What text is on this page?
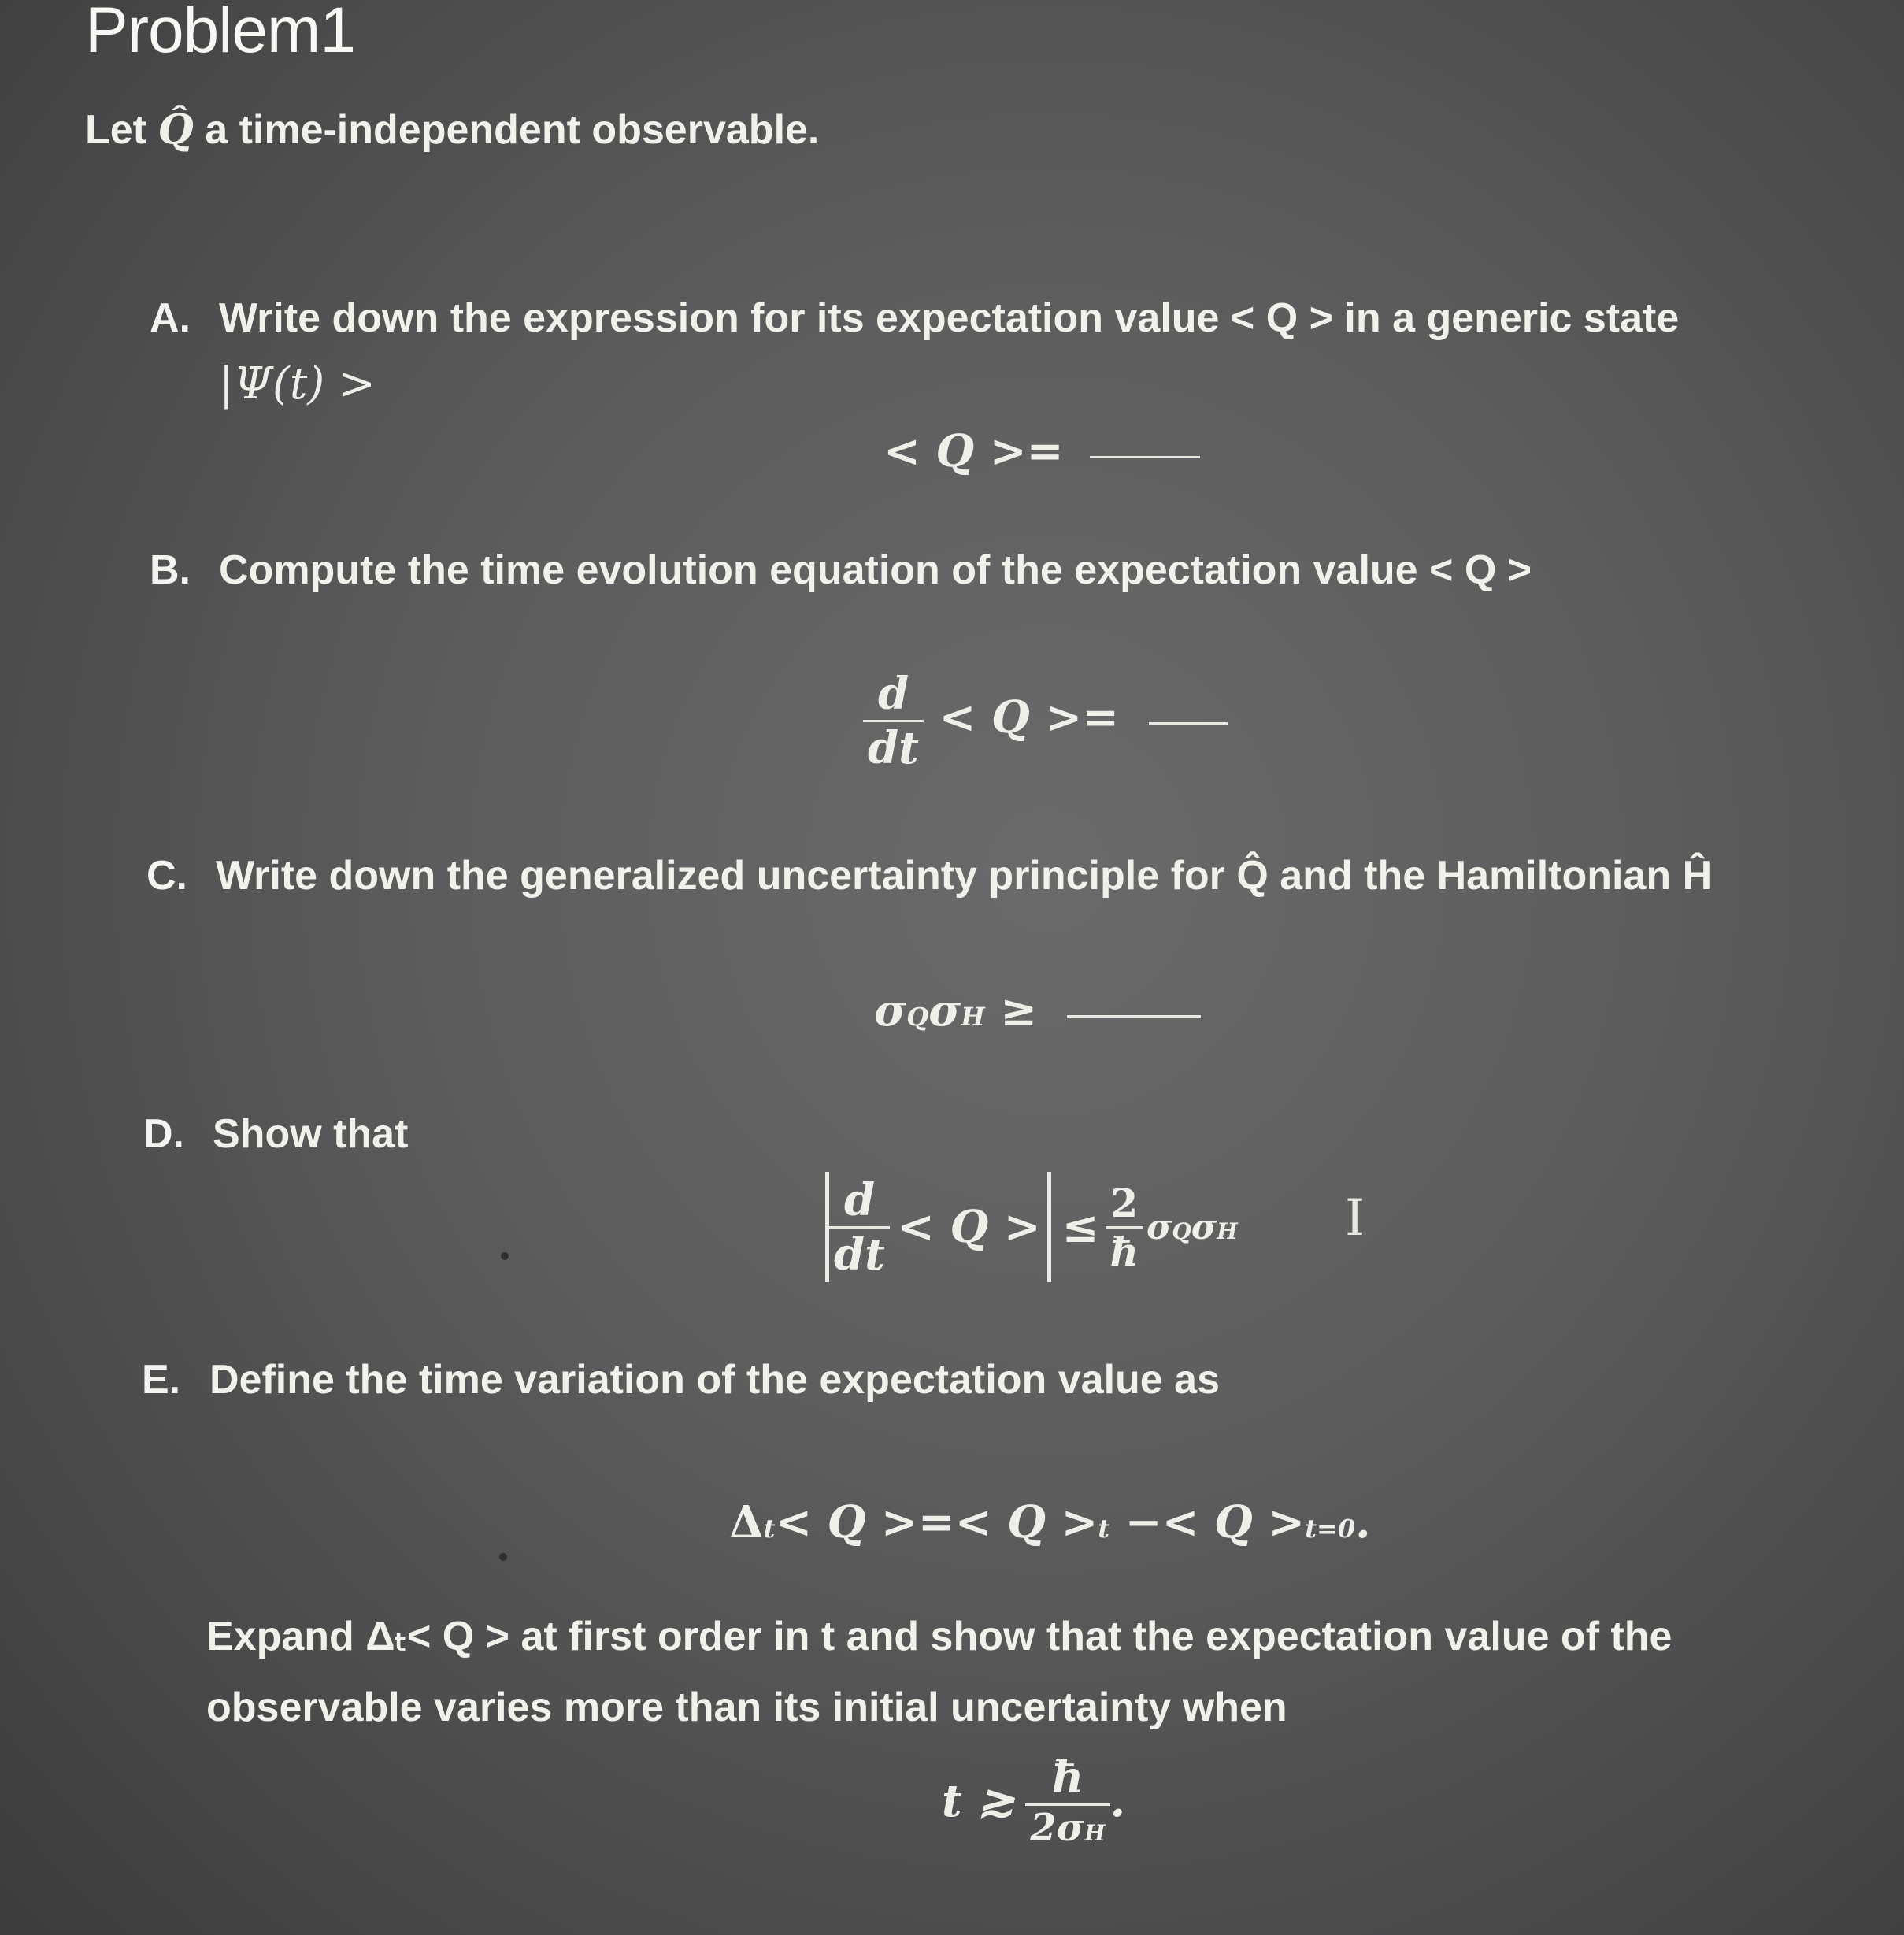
Problem1
Let Q̂ a time-independent observable.
A. Write down the expression for its expectation value < Q > in a generic state
|Ψ(t) >
< Q >=
B. Compute the time evolution equation of the expectation value < Q >
$\frac{d}{dt} < Q$ >=
C. Write down the generalized uncertainty principle for Q̂ and the Hamiltonian Ĥ
σQσH ≥
D. Show that
$\frac{d}{dt} < Q$ > ≤ $\frac{2}{ħ}$ σQσH I
E. Define the time variation of the expectation value as
Δt< Q >=< Q >t −< Q >t=0.
Expand Δₜ< Q > at first order in t and show that the expectation value of the
observable varies more than its initial uncertainty when
t ≳ $\frac{ħ}{2\sigma H}$ .
